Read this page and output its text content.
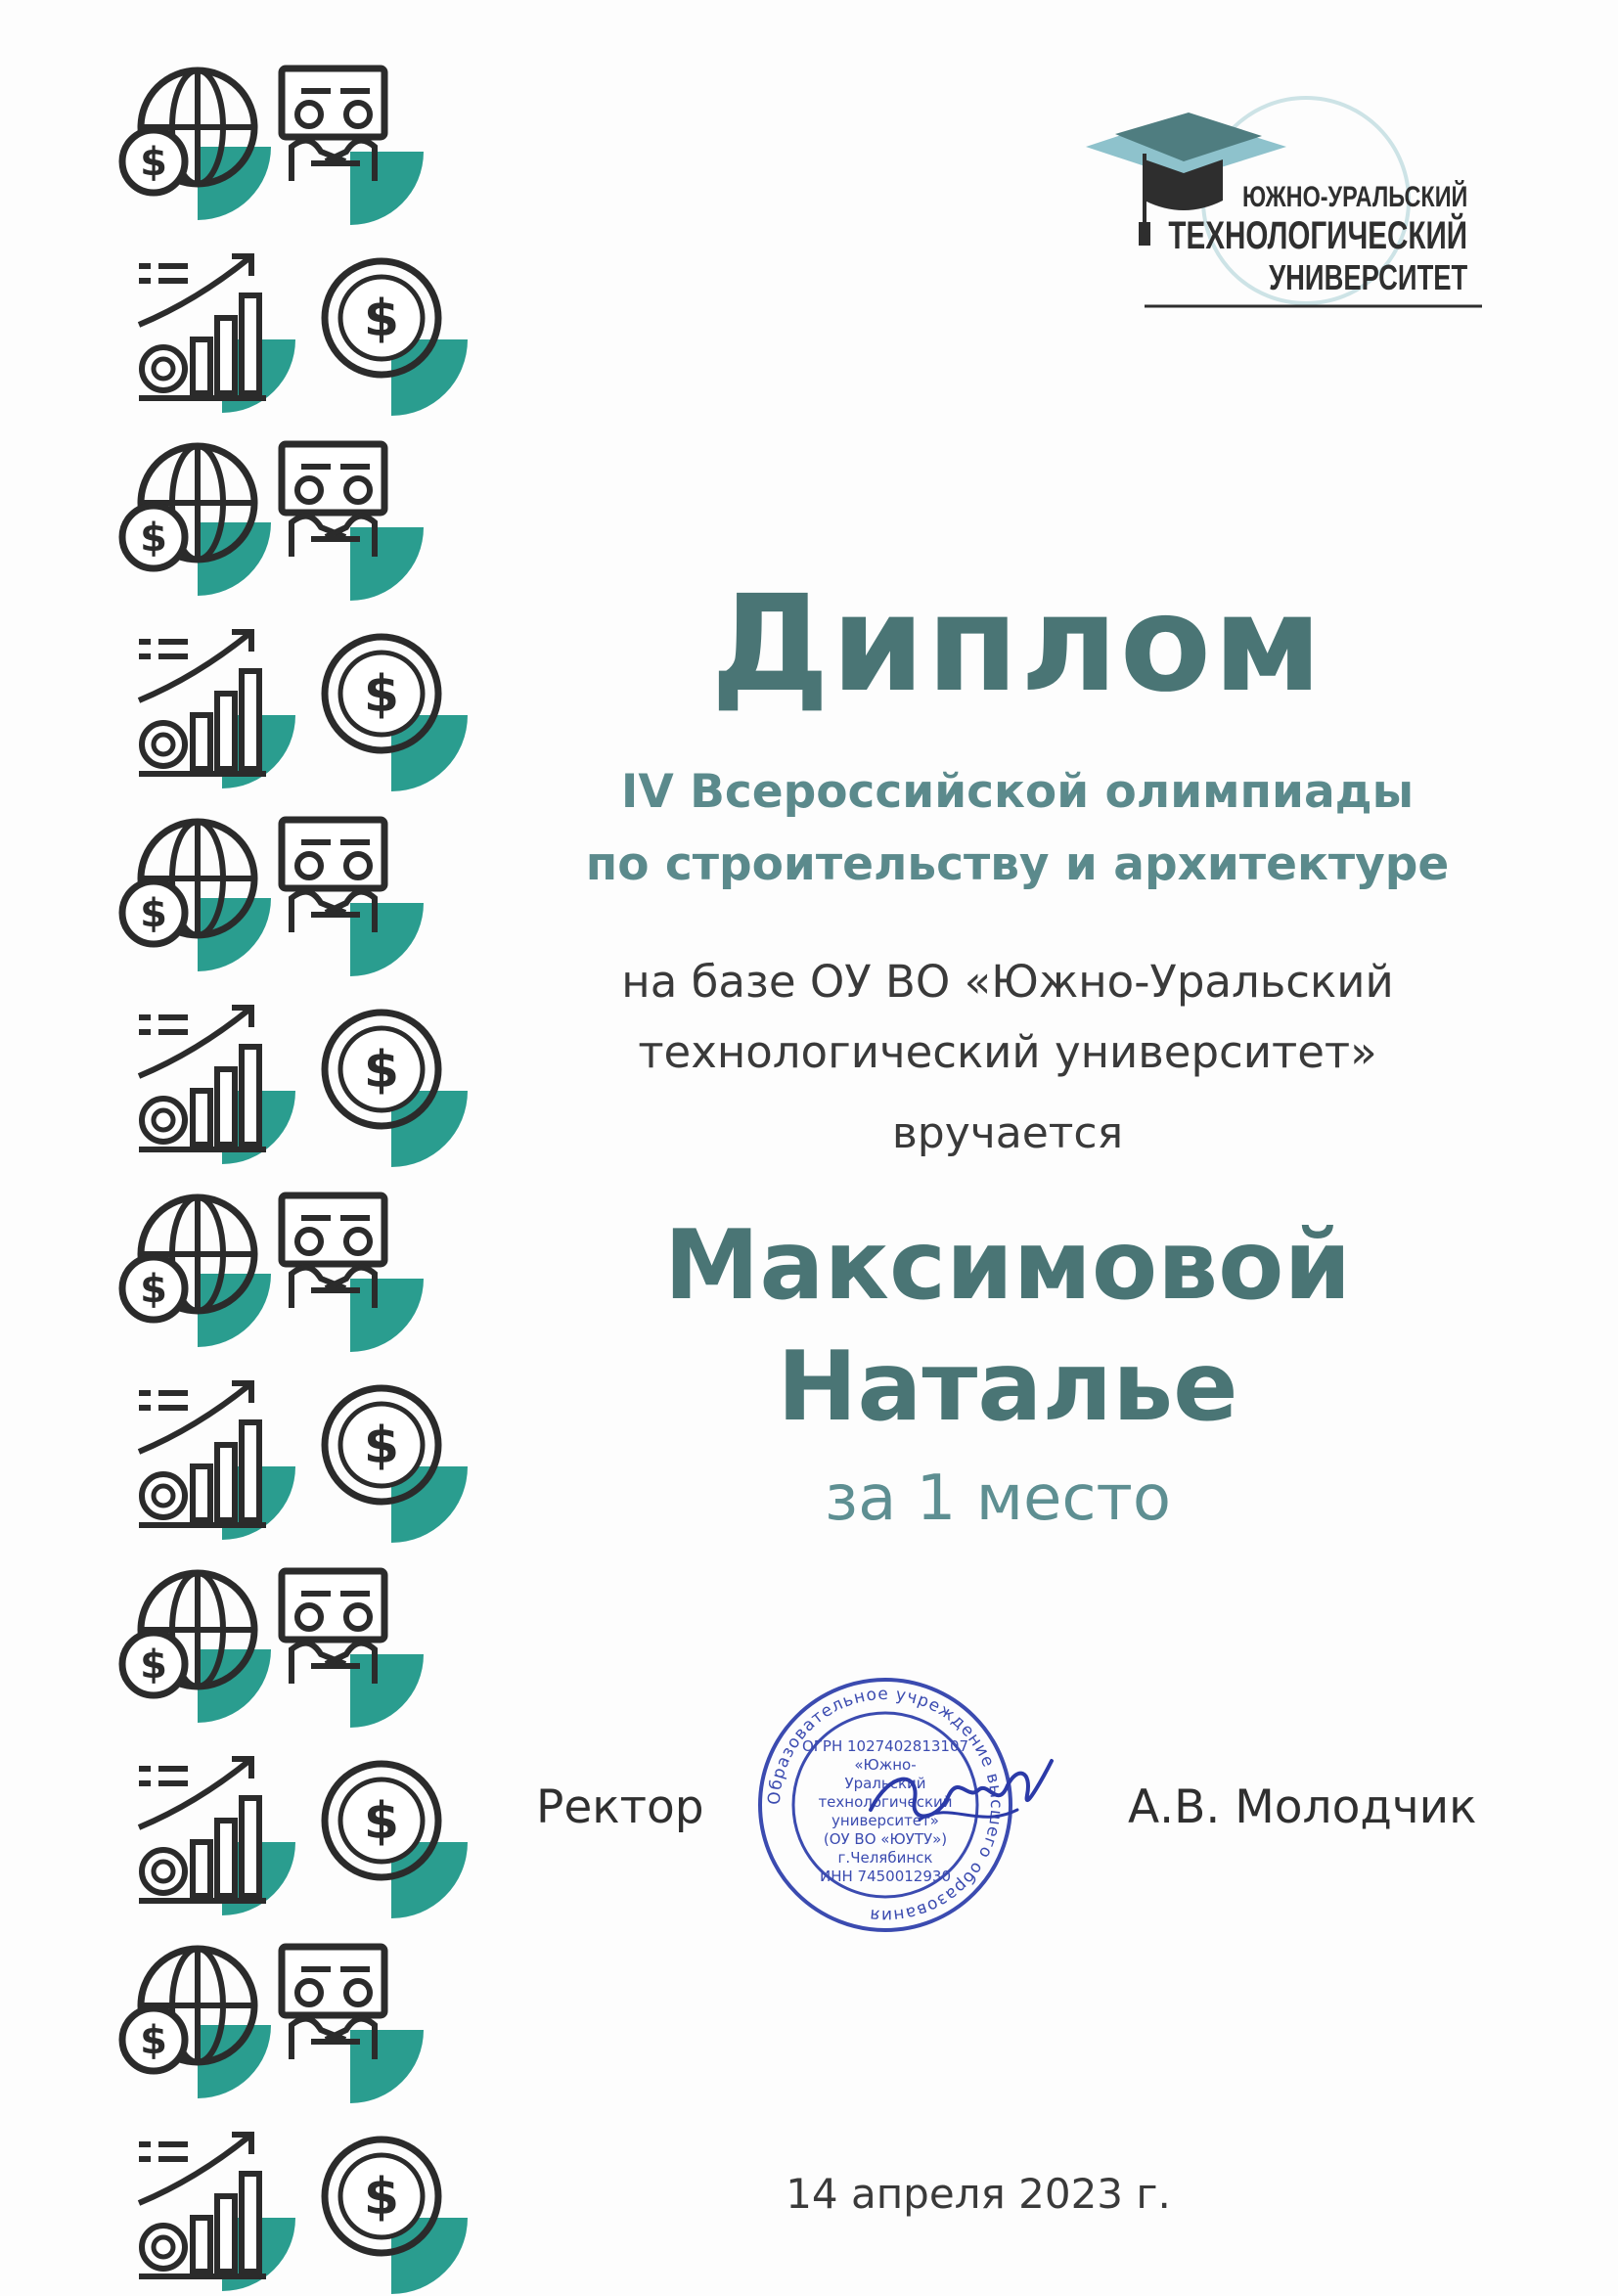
$
$
$
$
$
$
$
$
$
$
$
$
ЮЖНО-УРАЛЬСКИЙ
ТЕХНОЛОГИЧЕСКИЙ
УНИВЕРСИТЕТ
Диплом
IV Всероссийской олимпиады
по строительству и архитектуре
на базе ОУ ВО «Южно-Уральский
технологический университет»
вручается
Максимовой
Наталье
за 1 место
Ректор	Образовательное учреждение высшего образования
ОГРН 1027402813107
«Южно-
Уральский
технологический
университет»
(ОУ ВО «ЮУТУ»)
г.Челябинск
ИНН 7450012930
А.В. Молодчик
14 апреля 2023 г.
